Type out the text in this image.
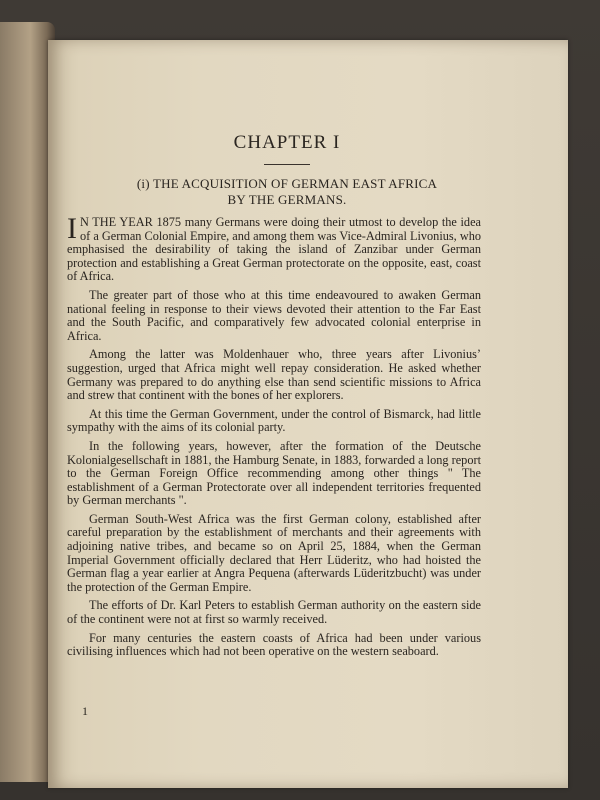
CHAPTER I
(i) THE ACQUISITION OF GERMAN EAST AFRICA
BY THE GERMANS.

I N THE YEAR 1875 many Germans were doing their utmost to develop the idea of a German Colonial Empire, and among them was Vice-Admiral Livonius, who emphasised the desirability of taking the island of Zanzibar under German protection and establishing a Great German protectorate on the opposite, east, coast of Africa.

The greater part of those who at this time endeavoured to awaken German national feeling in response to their views devoted their attention to the Far East and the South Pacific, and comparatively few advocated colonial enterprise in Africa.

Among the latter was Moldenhauer who, three years after Livonius’ suggestion, urged that Africa might well repay consideration. He asked whether Germany was prepared to do anything else than send scientific missions to Africa and strew that continent with the bones of her explorers.

At this time the German Government, under the control of Bismarck, had little sympathy with the aims of its colonial party.

In the following years, however, after the formation of the Deutsche Kolonialgesellschaft in 1881, the Hamburg Senate, in 1883, forwarded a long report to the German Foreign Office recommending among other things " The establishment of a German Protectorate over all independent territories frequented by German merchants ".

German South-West Africa was the first German colony, established after careful preparation by the establishment of merchants and their agreements with adjoining native tribes, and became so on April 25, 1884, when the German Imperial Government officially declared that Herr Lüderitz, who had hoisted the German flag a year earlier at Angra Pequena (afterwards Lüderitzbucht) was under the protection of the German Empire.

The efforts of Dr. Karl Peters to establish German authority on the eastern side of the continent were not at first so warmly received.

For many centuries the eastern coasts of Africa had been under various civilising influences which had not been operative on the western seaboard.

1
